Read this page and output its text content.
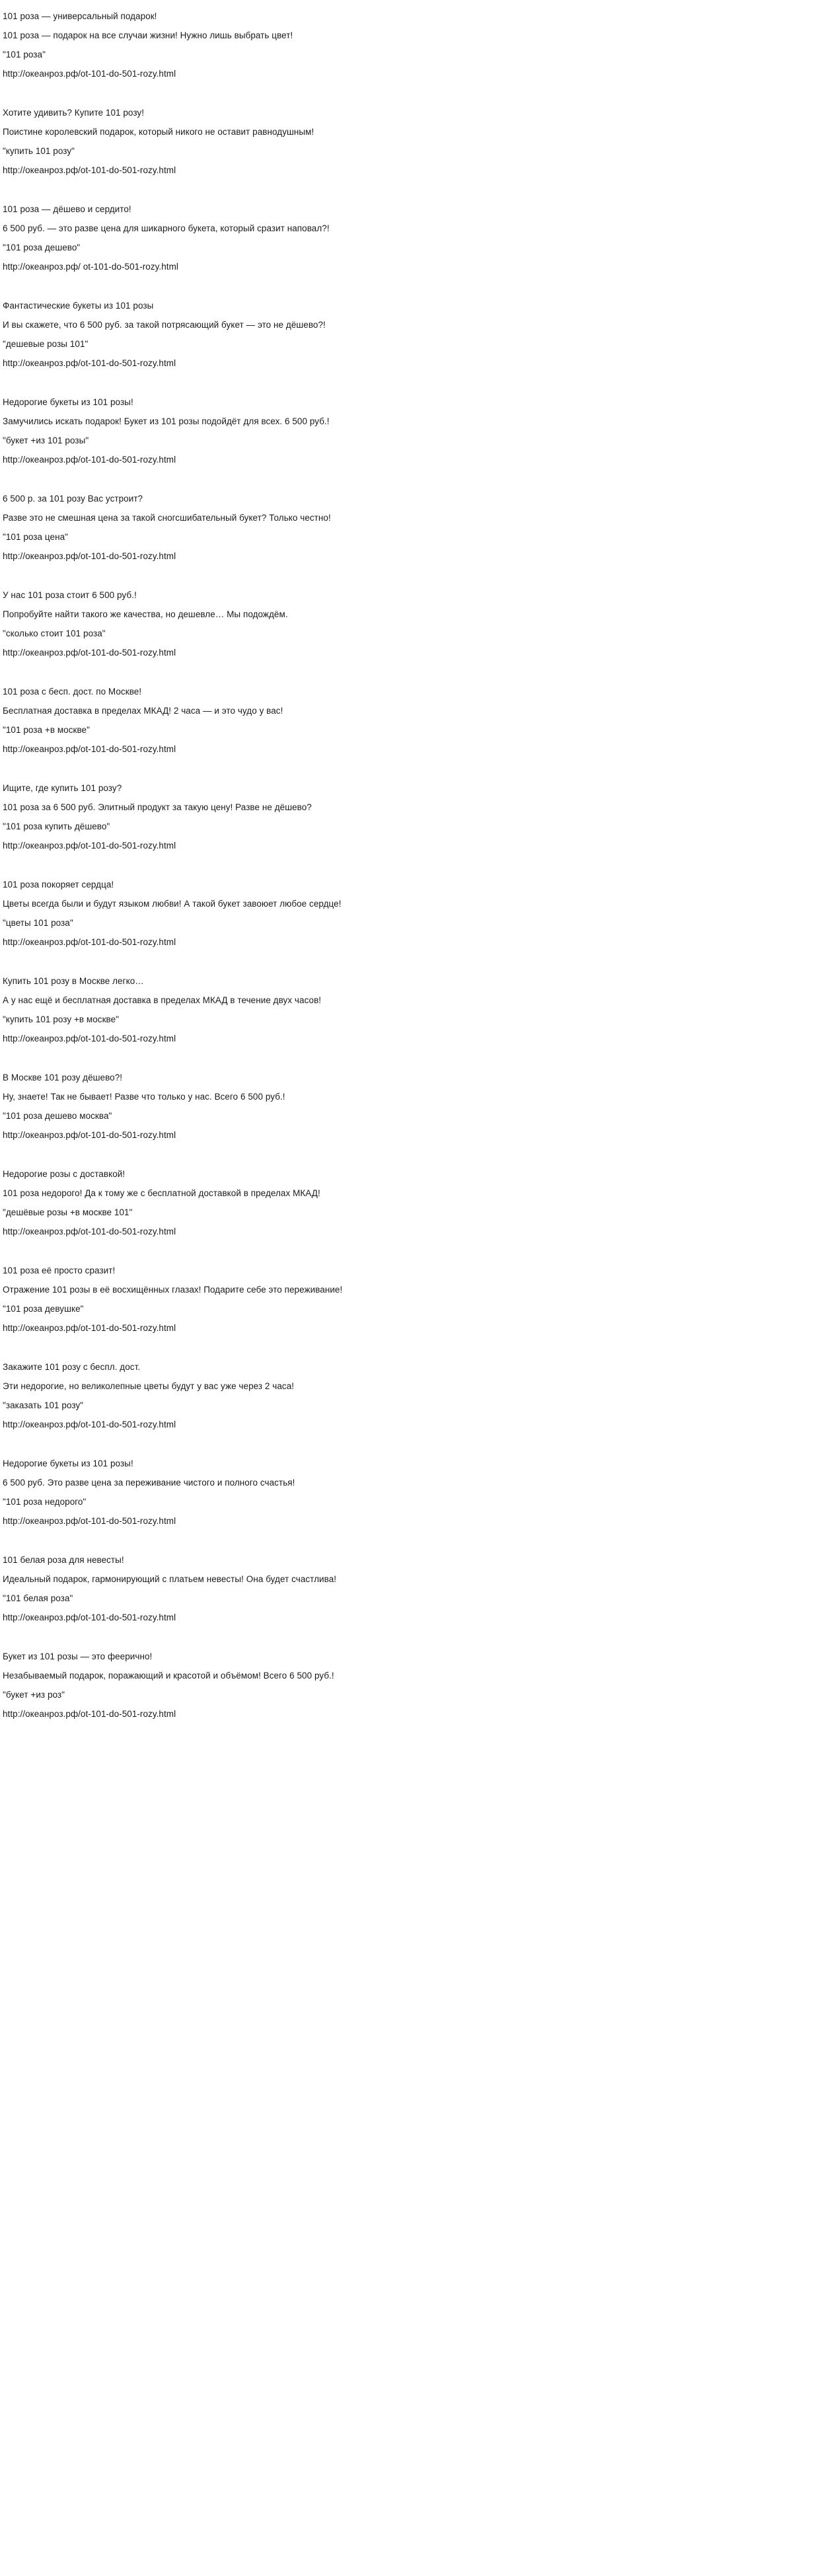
101 роза — универсальный подарок!
101 роза — подарок на все случаи жизни! Нужно лишь выбрать цвет!
"101 роза"
http://океанроз.рф/ot-101-do-501-rozy.html
Хотите удивить? Купите 101 розу!
Поистине королевский подарок, который никого не оставит равнодушным!
"купить 101 розу"
http://океанроз.рф/ot-101-do-501-rozy.html
101 роза — дёшево и сердито!
6 500 руб. — это разве цена для шикарного букета, который сразит наповал?!
"101 роза дешево"
http://океанроз.рф/ ot-101-do-501-rozy.html
Фантастические букеты из 101 розы
И вы скажете, что 6 500 руб. за такой потрясающий букет — это не дёшево?!
"дешевые розы 101"
http://океанроз.рф/ot-101-do-501-rozy.html
Недорогие букеты из 101 розы!
Замучились искать подарок! Букет из 101 розы подойдёт для всех. 6 500 руб.!
"букет +из 101 розы"
http://океанроз.рф/ot-101-do-501-rozy.html
6 500 р. за 101 розу Вас устроит?
Разве это не смешная цена за такой сногсшибательный букет? Только честно!
"101 роза цена"
http://океанроз.рф/ot-101-do-501-rozy.html
У нас 101 роза стоит 6 500 руб.!
Попробуйте найти такого же качества, но дешевле… Мы подождём.
"сколько стоит 101 роза"
http://океанроз.рф/ot-101-do-501-rozy.html
101 роза с бесп. дост. по Москве!
Бесплатная доставка в пределах МКАД! 2 часа — и это чудо у вас!
"101 роза +в москве"
http://океанроз.рф/ot-101-do-501-rozy.html
Ищите, где купить 101 розу?
101 роза за 6 500 руб. Элитный продукт за такую цену! Разве не дёшево?
"101 роза купить дёшево"
http://океанроз.рф/ot-101-do-501-rozy.html
101 роза покоряет сердца!
Цветы всегда были и будут языком любви! А такой букет завоюет любое сердце!
"цветы 101 роза"
http://океанроз.рф/ot-101-do-501-rozy.html
Купить 101 розу в Москве легко…
А у нас ещё и бесплатная доставка в пределах МКАД в течение двух часов!
"купить 101 розу +в москве"
http://океанроз.рф/ot-101-do-501-rozy.html
В Москве 101 розу дёшево?!
Ну, знаете! Так не бывает! Разве что только у нас. Всего 6 500 руб.!
"101 роза дешево москва"
http://океанроз.рф/ot-101-do-501-rozy.html
Недорогие розы с доставкой!
101 роза недорого! Да к тому же с бесплатной доставкой в пределах МКАД!
"дешёвые розы +в москве 101"
http://океанроз.рф/ot-101-do-501-rozy.html
101 роза её просто сразит!
Отражение 101 розы в её восхищённых глазах! Подарите себе это переживание!
"101 роза девушке"
http://океанроз.рф/ot-101-do-501-rozy.html
Закажите 101 розу с беспл. дост.
Эти недорогие, но великолепные цветы будут у вас уже через 2 часа!
"заказать 101 розу"
http://океанроз.рф/ot-101-do-501-rozy.html
Недорогие букеты из 101 розы!
6 500 руб. Это разве цена за переживание чистого и полного счастья!
"101 роза недорого"
http://океанроз.рф/ot-101-do-501-rozy.html
101 белая роза для невесты!
Идеальный подарок, гармонирующий с платьем невесты! Она будет счастлива!
"101 белая роза"
http://океанроз.рф/ot-101-do-501-rozy.html
Букет из 101 розы — это феерично!
Незабываемый подарок, поражающий и красотой и объёмом! Всего 6 500 руб.!
"букет +из роз"
http://океанроз.рф/ot-101-do-501-rozy.html
